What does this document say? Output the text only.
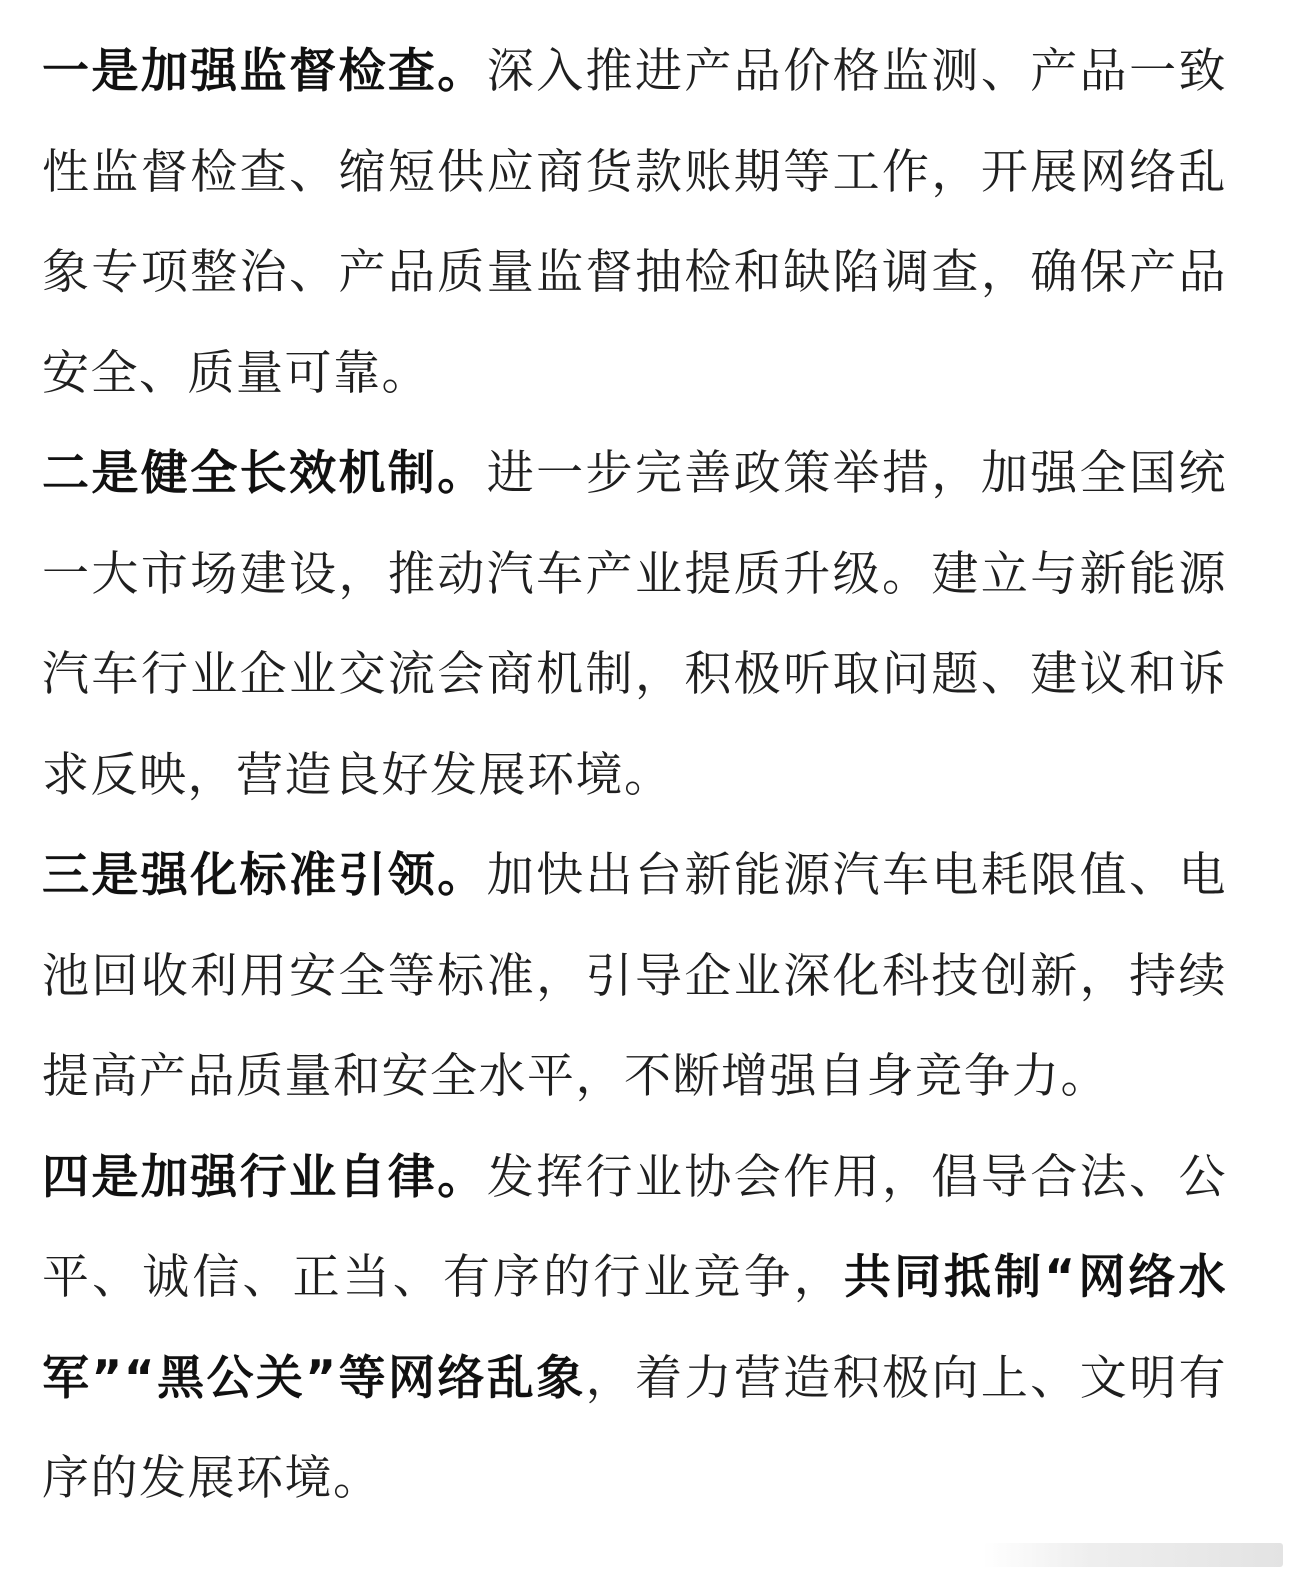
一是加强监督检查。深入推进产品价格监测、产品一致性监督检查、缩短供应商货款账期等工作，开展网络乱象专项整治、产品质量监督抽检和缺陷调查，确保产品安全、质量可靠。

二是健全长效机制。进一步完善政策举措，加强全国统一大市场建设，推动汽车产业提质升级。建立与新能源汽车行业企业交流会商机制，积极听取问题、建议和诉求反映，营造良好发展环境。

三是强化标准引领。加快出台新能源汽车电耗限值、电池回收利用安全等标准，引导企业深化科技创新，持续提高产品质量和安全水平，不断增强自身竞争力。

四是加强行业自律。发挥行业协会作用，倡导合法、公平、诚信、正当、有序的行业竞争，共同抵制“网络水军”“黑公关”等网络乱象，着力营造积极向上、文明有序的发展环境。
